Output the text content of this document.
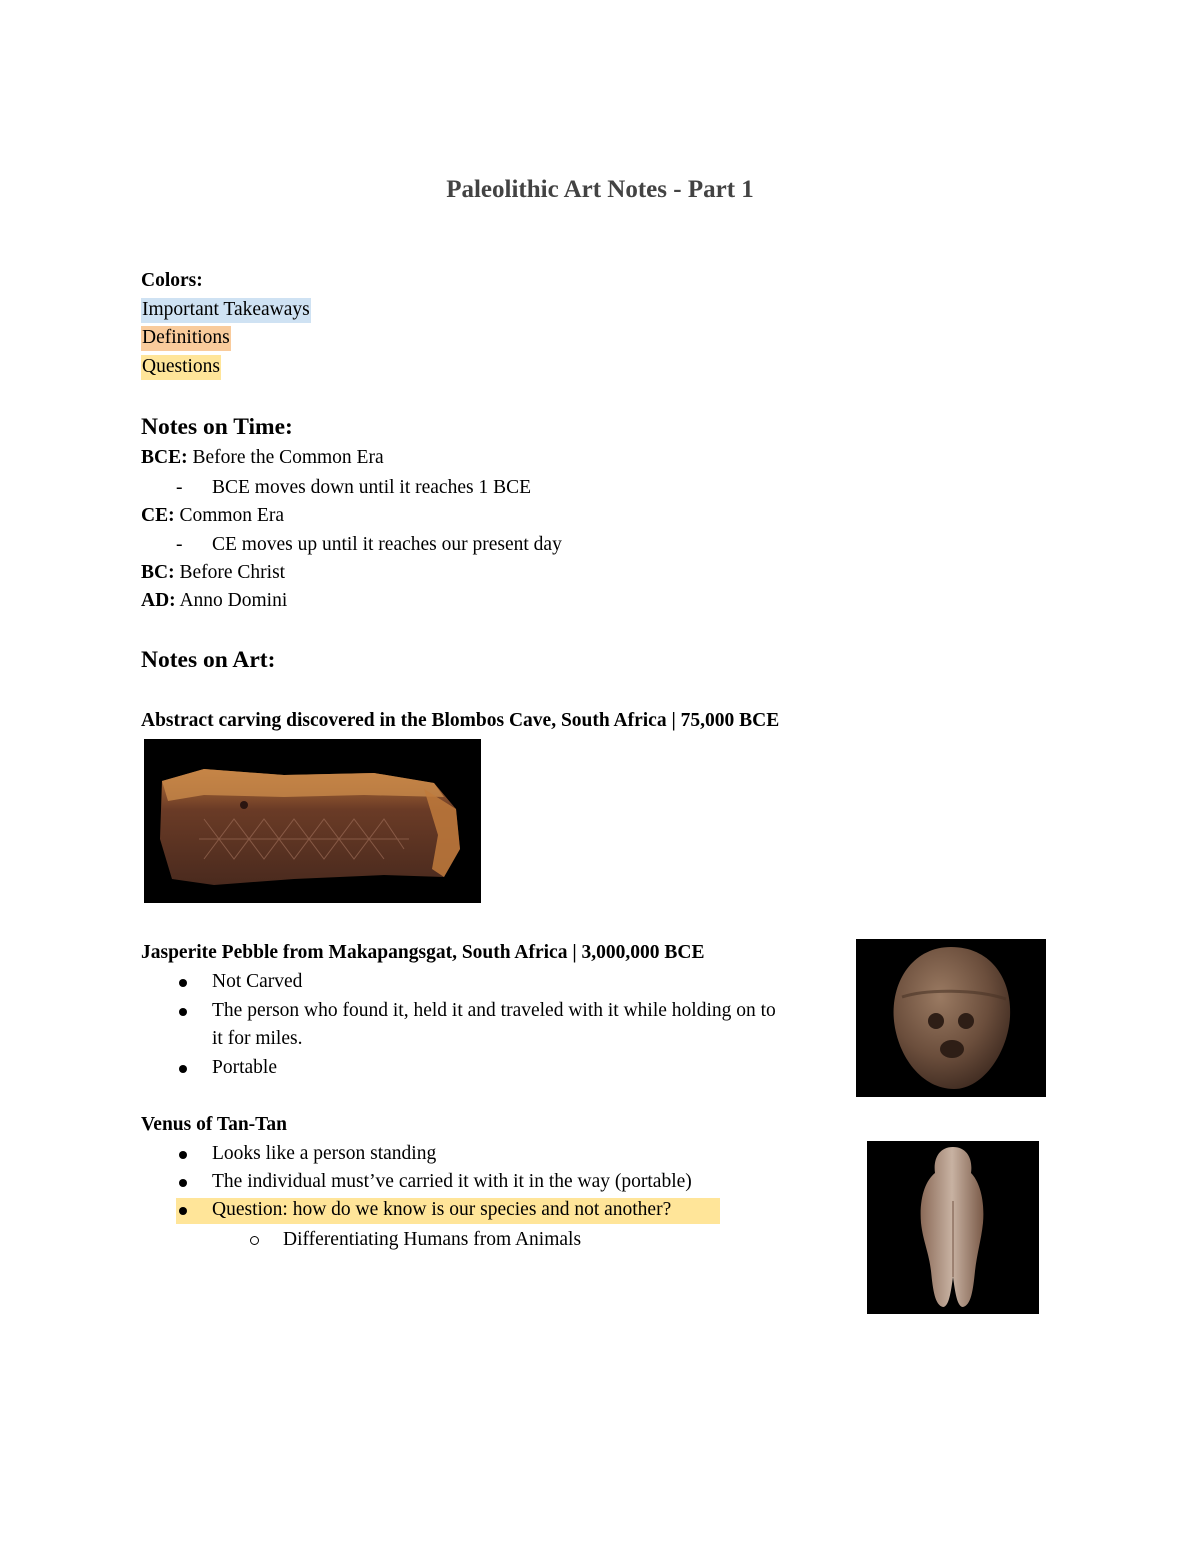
Paleolithic Art Notes - Part 1
Colors:
Important Takeaways
Definitions
Questions
Notes on Time:
BCE: Before the Common Era
- BCE moves down until it reaches 1 BCE
CE: Common Era
- CE moves up until it reaches our present day
BC: Before Christ
AD: Anno Domini
Notes on Art:
Abstract carving discovered in the Blombos Cave, South Africa | 75,000 BCE
Jasperite Pebble from Makapangsgat, South Africa | 3,000,000 BCE
Not Carved
The person who found it, held it and traveled with it while holding on to
it for miles.
Portable
Venus of Tan-Tan
Looks like a person standing
The individual must’ve carried it with it in the way (portable)
Question: how do we know is our species and not another?
Differentiating Humans from Animals
